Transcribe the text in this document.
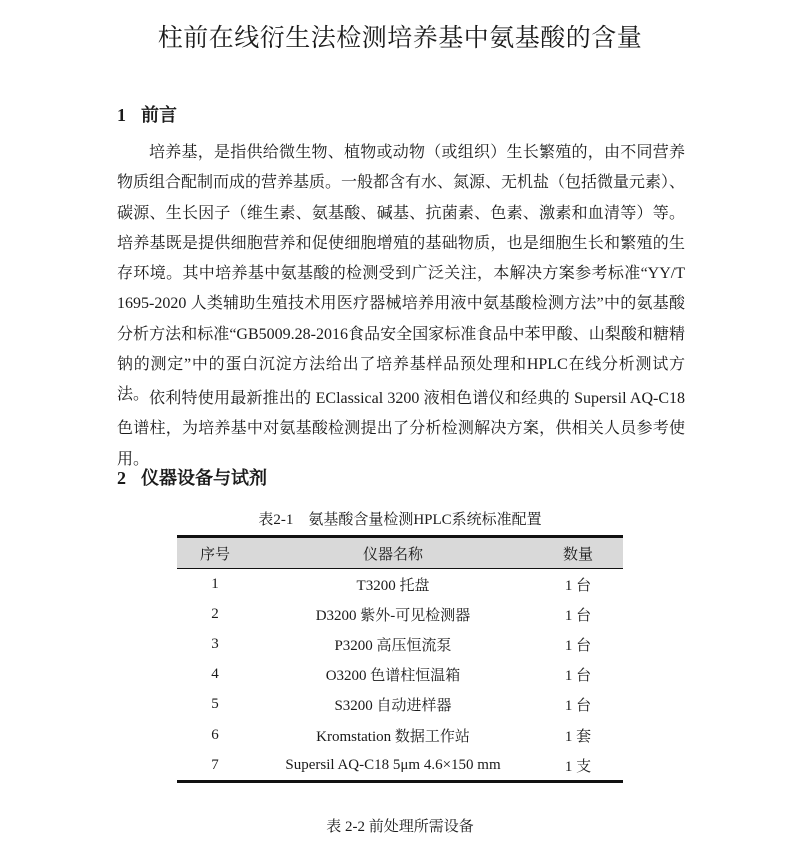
柱前在线衍生法检测培养基中氨基酸的含量
1 前言

培养基，是指供给微生物、植物或动物（或组织）生长繁殖的，由不同营养物质组合配制而成的营养基质。一般都含有水、氮源、无机盐（包括微量元素）、碳源、生长因子（维生素、氨基酸、碱基、抗菌素、色素、激素和血清等）等。培养基既是提供细胞营养和促使细胞增殖的基础物质，也是细胞生长和繁殖的生存环境。其中培养基中氨基酸的检测受到广泛关注，本解决方案参考标准“YY/T 1695-2020 人类辅助生殖技术用医疗器械培养用液中氨基酸检测方法”中的氨基酸分析方法和标准“GB5009.28-2016食品安全国家标准食品中苯甲酸、山梨酸和糖精钠的测定”中的蛋白沉淀方法给出了培养基样品预处理和HPLC在线分析测试方法。 依利特使用最新推出的 EClassical 3200 液相色谱仪和经典的 Supersil AQ-C18 色谱柱，为培养基中对氨基酸检测提出了分析检测解决方案，供相关人员参考使用。

2 仪器设备与试剂

表2-1　氨基酸含量检测HPLC系统标准配置

序号	仪器名称	数量
1	T3200 托盘	1 台
2	D3200 紫外-可见检测器	1 台
3	P3200 高压恒流泵	1 台
4	O3200 色谱柱恒温箱	1 台
5	S3200 自动进样器	1 台
6	Kromstation 数据工作站	1 套
7	Supersil AQ-C18 5μm 4.6×150 mm	1 支

表 2-2 前处理所需设备
